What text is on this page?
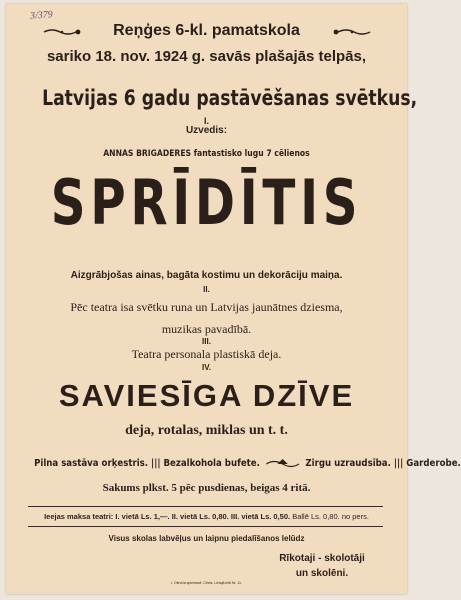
3/379
Reņģes 6-kl. pamatskola
sariko 18. nov. 1924 g. savās plašajās telpās,
Latvijas 6 gadu pastāvēšanas svētkus,
I.
Uzvedis:
ANNAS BRIGADERES fantastisko lugu 7 cēlienos
SPRĪDĪTIS
Aizgrābjošas ainas, bagāta kostimu un dekorāciju maiņa.
II.
Pēc teatra isa svētku runa un Latvijas jaunātnes dziesma,
muzikas pavadībā.
III.
Teatra personala plastiskā deja.
IV.
SAVIESĪGA DZĪVE
deja, rotalas, miklas un t. t.
Pilna sastāva orķestris. ||| Bezalkohola bufete.	Zirgu uzraudsība. ||| Garderobe.
Sakums plkst. 5 pēc pusdienas, beigas 4 ritā.
Ieejas maksa teatri: I. vietā Ls. 1,—. II. vietā Ls. 0,80. III. vietā Ls. 0,50. Ballē Ls. 0,80. no pers.
Visus skolas labvēļus un laipnu piedalīšanos lelūdz
Rīkotaji - skolotāji
un skolēni.
I. Oleviča spiestuvē. Cēsīs. Lielajā ielā Nr. 11.
